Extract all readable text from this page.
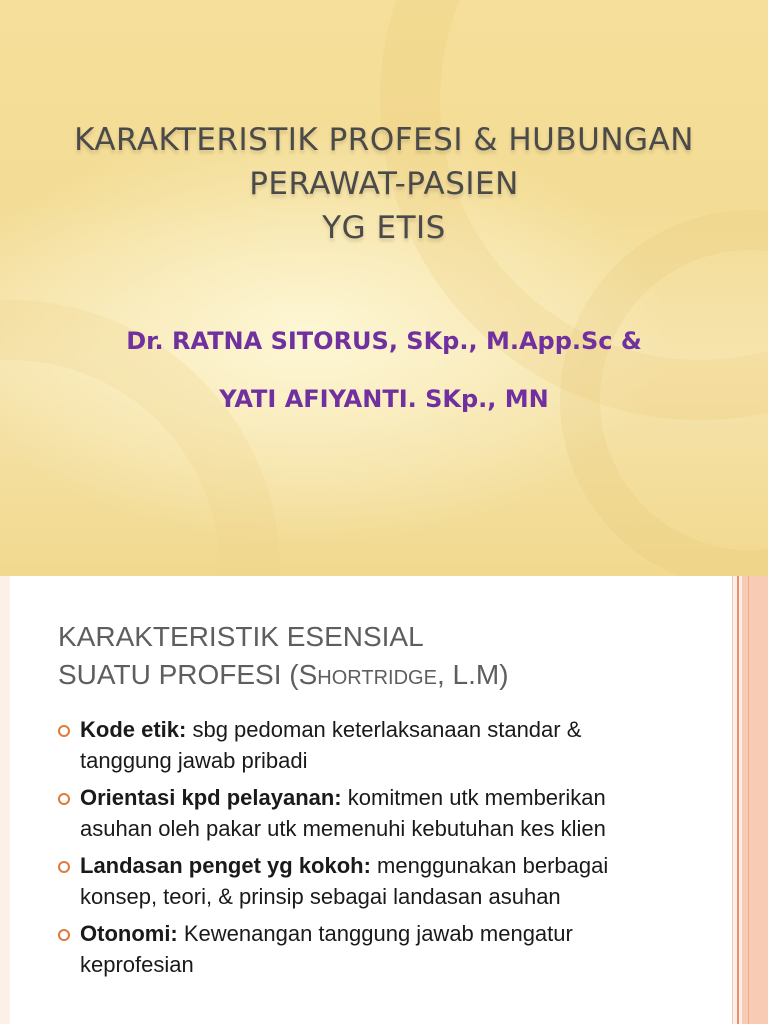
KARAKTERISTIK PROFESI & HUBUNGAN
PERAWAT-PASIEN
YG ETIS
Dr. RATNA SITORUS, SKp., M.App.Sc &
YATI AFIYANTI. SKp., MN
KARAKTERISTIK ESENSIAL
SUATU PROFESI (Shortridge, L.M)
Kode etik: sbg pedoman keterlaksanaan standar & tanggung jawab pribadi
Orientasi kpd pelayanan: komitmen utk memberikan asuhan oleh pakar utk memenuhi kebutuhan kes klien
Landasan penget yg kokoh: menggunakan berbagai konsep, teori, & prinsip sebagai landasan asuhan
Otonomi: Kewenangan tanggung jawab mengatur keprofesian
